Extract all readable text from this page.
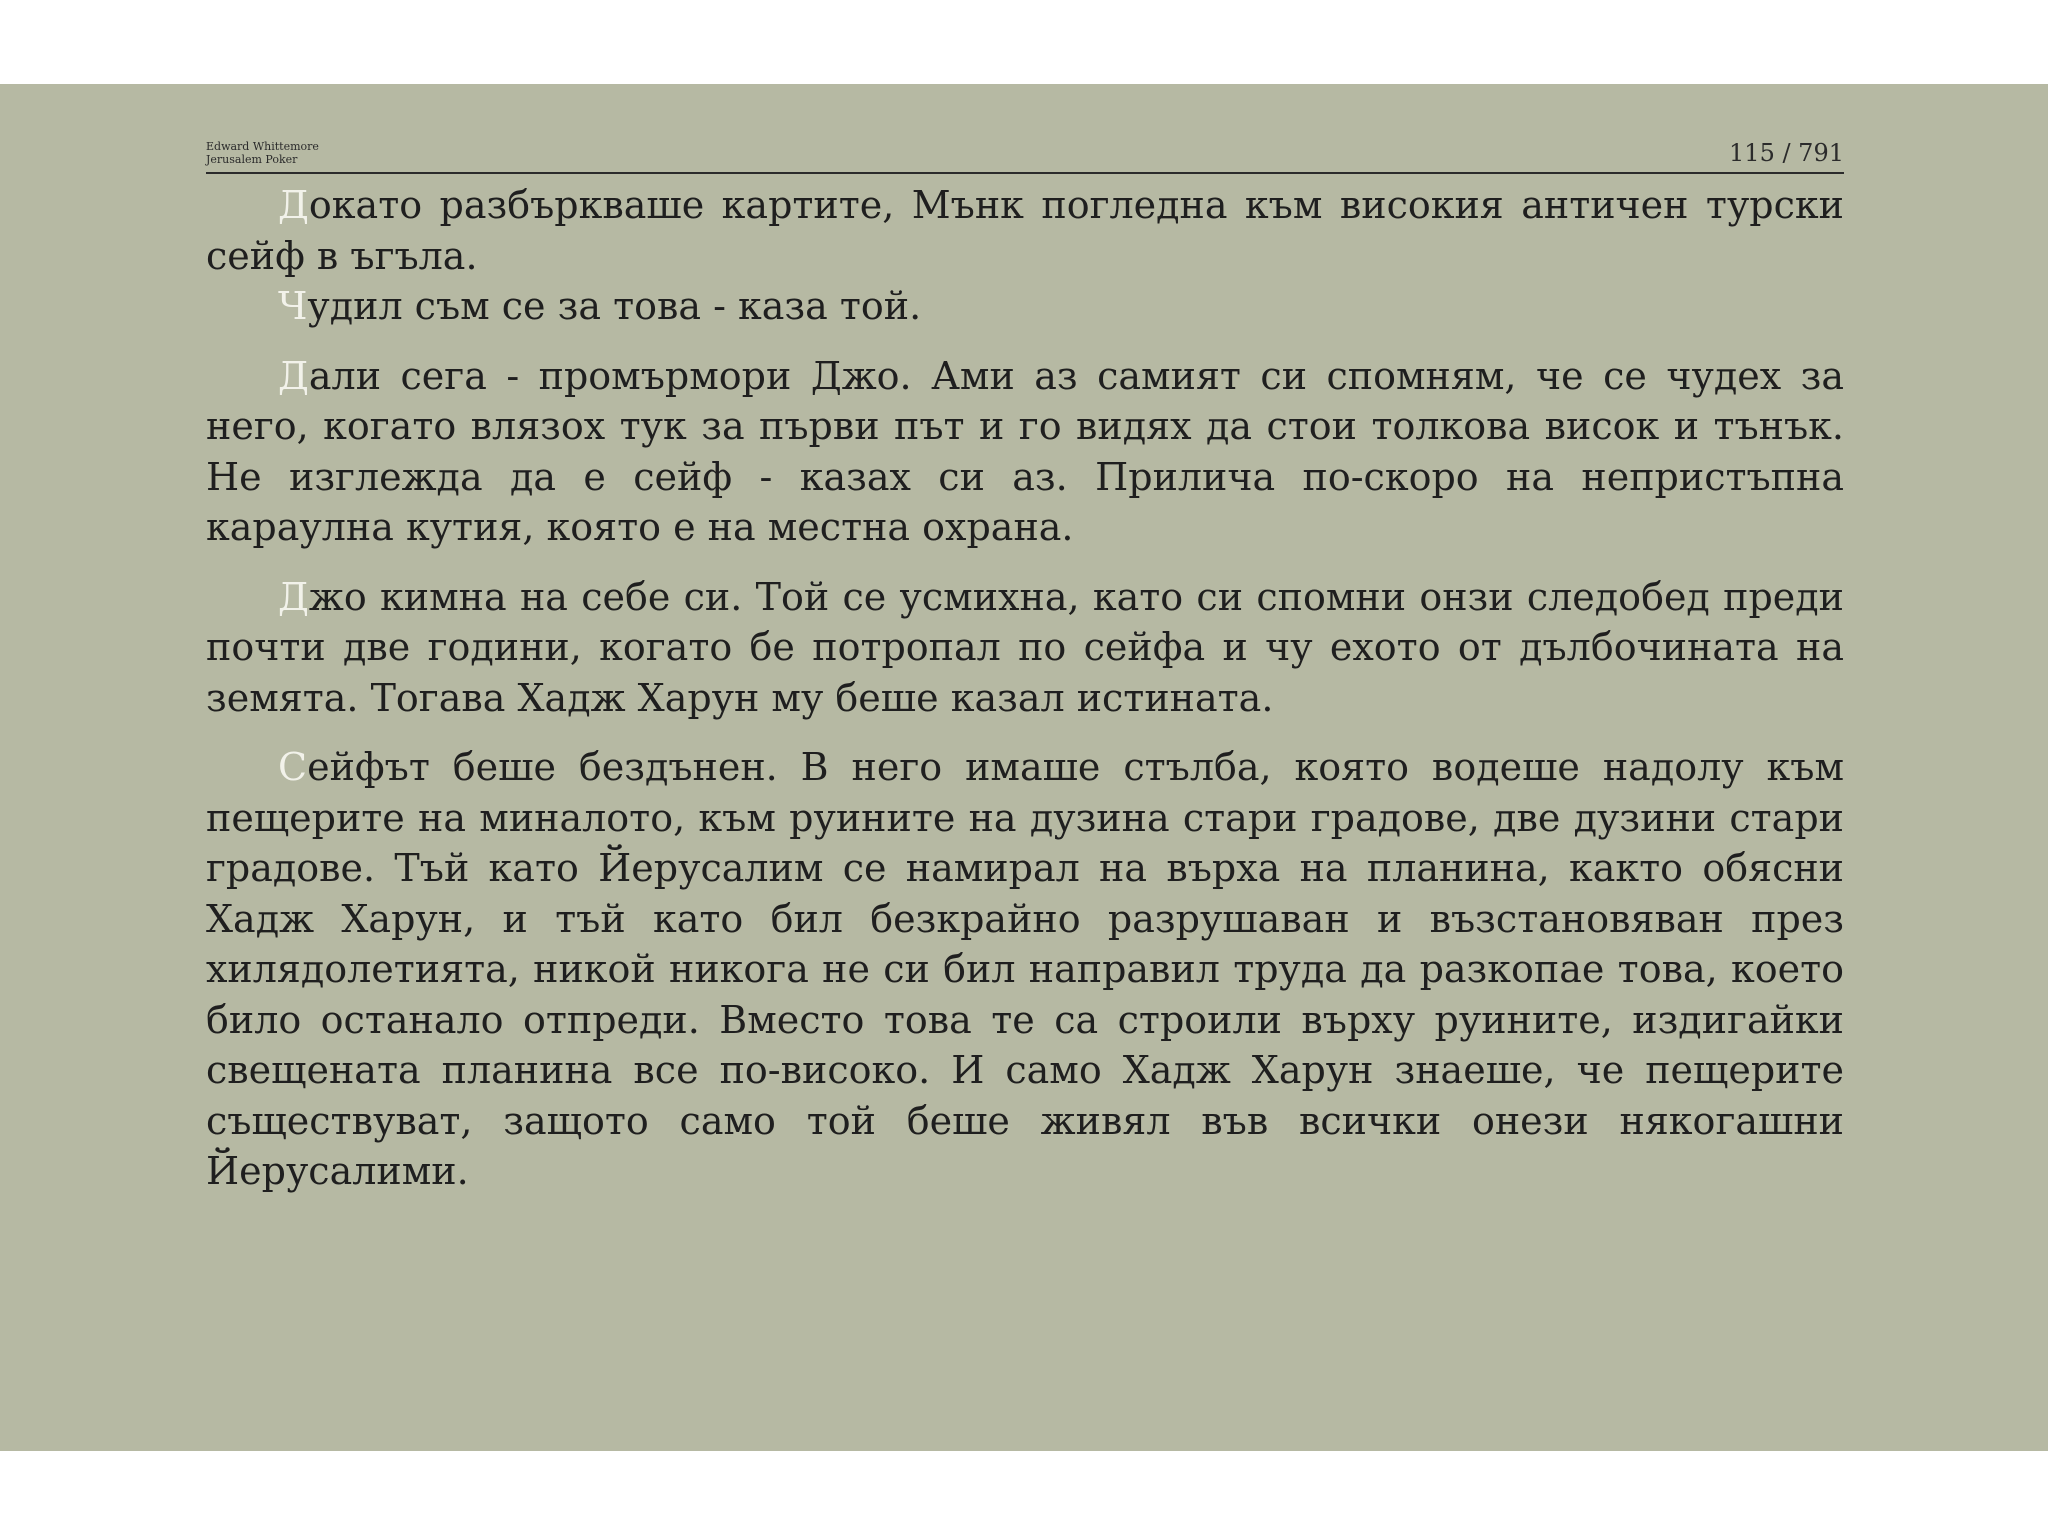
Edward Whittemore
Jerusalem Poker	115 / 791

Докато разбъркваше картите, Мънк погледна към високия античен турски сейф в ъгъла.

Чудил съм се за това - каза той.

Дали сега - промърмори Джо. Ами аз самият си спомням, че се чудех за него, когато влязох тук за първи път и го видях да стои толкова висок и тънък. Не изглежда да е сейф - казах си аз. Прилича по-скоро на непристъпна караулна кутия, която е на местна охрана.

Джо кимна на себе си. Той се усмихна, като си спомни онзи следобед преди почти две години, когато бе потропал по сейфа и чу ехото от дълбочината на земята. Тогава Хадж Харун му беше казал истината.

Сейфът беше бездънен. В него имаше стълба, която водеше надолу към пещерите на миналото, към руините на дузина стари градове, две дузини стари градове. Тъй като Йерусалим се намирал на върха на планина, както обясни Хадж Харун, и тъй като бил безкрайно разрушаван и възстановяван през хилядолетията, никой никога не си бил направил труда да разкопае това, което било останало отпреди. Вместо това те са строили върху руините, издигайки свещената планина все по-високо. И само Хадж Харун знаеше, че пещерите съществуват, защото само той беше живял във всички онези някогашни Йерусалими.
